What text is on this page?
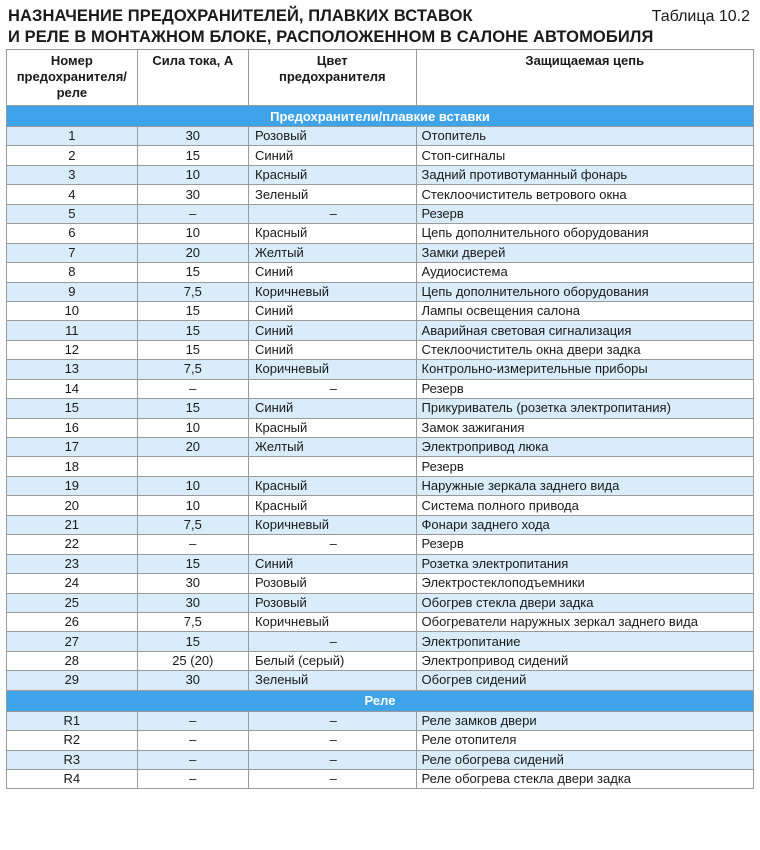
НАЗНАЧЕНИЕ ПРЕДОХРАНИТЕЛЕЙ, ПЛАВКИХ ВСТАВОК
И РЕЛЕ В МОНТАЖНОМ БЛОКЕ, РАСПОЛОЖЕННОМ В САЛОНЕ АВТОМОБИЛЯ
Таблица 10.2
Номер предохранителя/ реле	Сила тока, А	Цвет предохранителя	Защищаемая цепь
Предохранители/плавкие вставки			
1	30	Розовый	Отопитель
2	15	Синий	Стоп-сигналы
3	10	Красный	Задний противотуманный фонарь
4	30	Зеленый	Стеклоочиститель ветрового окна
5	–	–	Резерв
6	10	Красный	Цепь дополнительного оборудования
7	20	Желтый	Замки дверей
8	15	Синий	Аудиосистема
9	7,5	Коричневый	Цепь дополнительного оборудования
10	15	Синий	Лампы освещения салона
11	15	Синий	Аварийная световая сигнализация
12	15	Синий	Стеклоочиститель окна двери задка
13	7,5	Коричневый	Контрольно-измерительные приборы
14	–	–	Резерв
15	15	Синий	Прикуриватель (розетка электропитания)
16	10	Красный	Замок зажигания
17	20	Желтый	Электропривод люка
18			Резерв
19	10	Красный	Наружные зеркала заднего вида
20	10	Красный	Система полного привода
21	7,5	Коричневый	Фонари заднего хода
22	–	–	Резерв
23	15	Синий	Розетка электропитания
24	30	Розовый	Электростеклоподъемники
25	30	Розовый	Обогрев стекла двери задка
26	7,5	Коричневый	Обогреватели наружных зеркал заднего вида
27	15	–	Электропитание
28	25 (20)	Белый (серый)	Электропривод сидений
29	30	Зеленый	Обогрев сидений
Реле			
R1	–	–	Реле замков двери
R2	–	–	Реле отопителя
R3	–	–	Реле обогрева сидений
R4	–	–	Реле обогрева стекла двери задка
